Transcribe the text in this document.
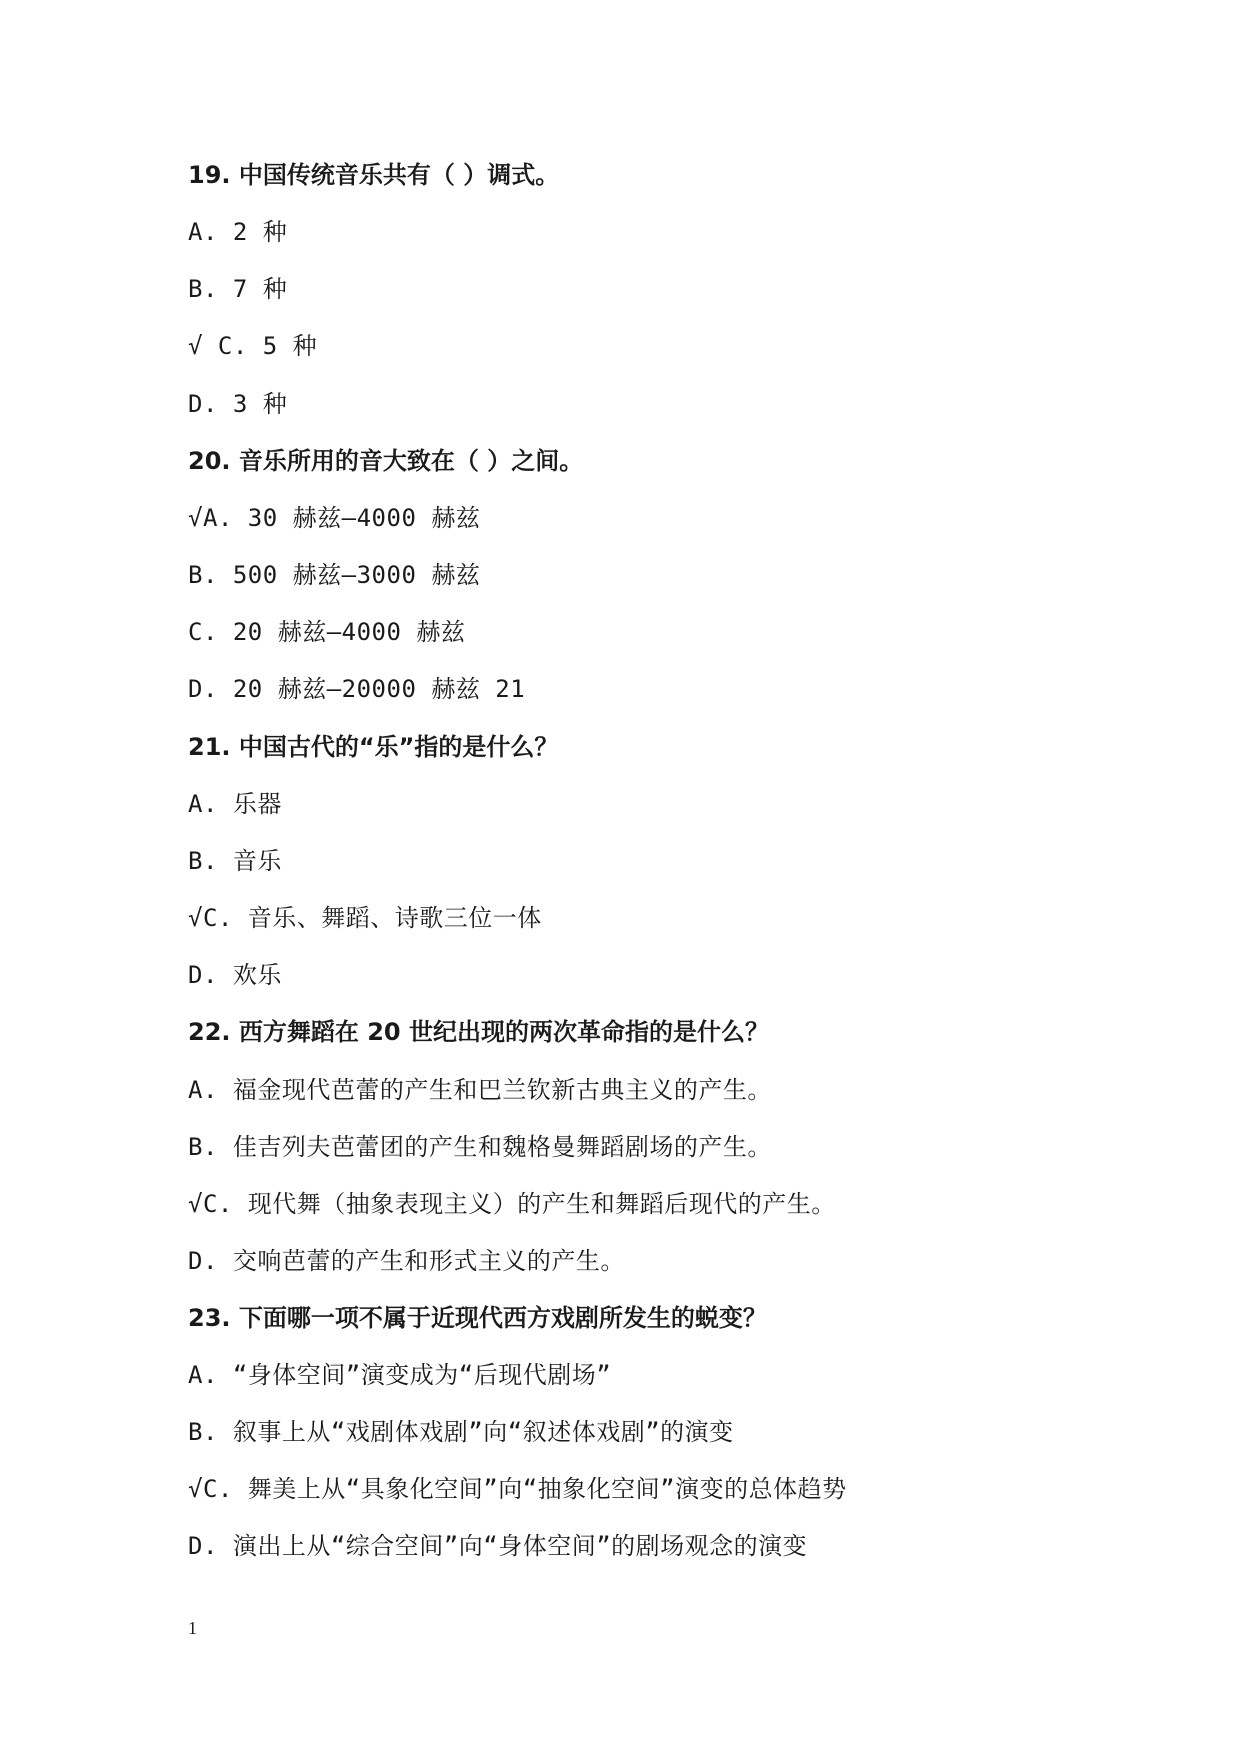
19. 中国传统音乐共有（ ）调式。
A. 2 种
B. 7 种
√ C. 5 种
D. 3 种
20. 音乐所用的音大致在（ ）之间。
√A. 30 赫兹—4000 赫兹
B. 500 赫兹—3000 赫兹
C. 20 赫兹—4000 赫兹
D. 20 赫兹—20000 赫兹 21
21. 中国古代的“乐”指的是什么？
A. 乐器
B. 音乐
√C. 音乐、舞蹈、诗歌三位一体
D. 欢乐
22. 西方舞蹈在 20 世纪出现的两次革命指的是什么？
A. 福金现代芭蕾的产生和巴兰钦新古典主义的产生。
B. 佳吉列夫芭蕾团的产生和魏格曼舞蹈剧场的产生。
√C. 现代舞（抽象表现主义）的产生和舞蹈后现代的产生。
D. 交响芭蕾的产生和形式主义的产生。
23. 下面哪一项不属于近现代西方戏剧所发生的蜕变？
A. “身体空间”演变成为“后现代剧场”
B. 叙事上从“戏剧体戏剧”向“叙述体戏剧”的演变
√C. 舞美上从“具象化空间”向“抽象化空间”演变的总体趋势
D. 演出上从“综合空间”向“身体空间”的剧场观念的演变
1
